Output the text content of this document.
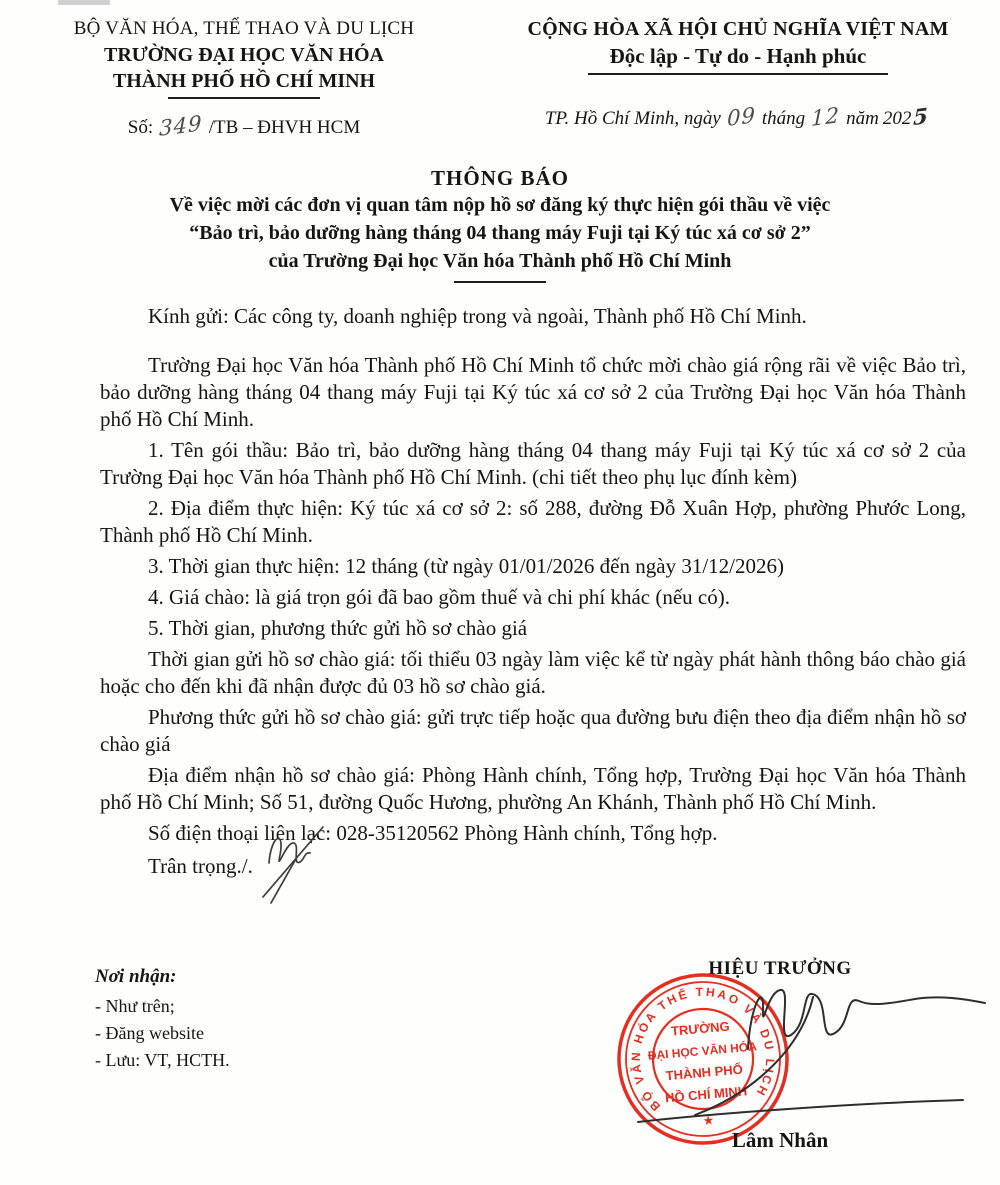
BỘ VĂN HÓA, THỂ THAO VÀ DU LỊCH
TRƯỜNG ĐẠI HỌC VĂN HÓA
THÀNH PHỐ HỒ CHÍ MINH
Số: 349 /TB – ĐHVH HCM
CỘNG HÒA XÃ HỘI CHỦ NGHĨA VIỆT NAM
Độc lập - Tự do - Hạnh phúc
TP. Hồ Chí Minh, ngày 09 tháng 12 năm 2025
THÔNG BÁO
Về việc mời các đơn vị quan tâm nộp hồ sơ đăng ký thực hiện gói thầu về việc
“Bảo trì, bảo dưỡng hàng tháng 04 thang máy Fuji tại Ký túc xá cơ sở 2”
của Trường Đại học Văn hóa Thành phố Hồ Chí Minh

Kính gửi: Các công ty, doanh nghiệp trong và ngoài, Thành phố Hồ Chí Minh.

Trường Đại học Văn hóa Thành phố Hồ Chí Minh tổ chức mời chào giá rộng rãi về việc Bảo trì, bảo dưỡng hàng tháng 04 thang máy Fuji tại Ký túc xá cơ sở 2 của Trường Đại học Văn hóa Thành phố Hồ Chí Minh.

1. Tên gói thầu: Bảo trì, bảo dưỡng hàng tháng 04 thang máy Fuji tại Ký túc xá cơ sở 2 của Trường Đại học Văn hóa Thành phố Hồ Chí Minh. (chi tiết theo phụ lục đính kèm)

2. Địa điểm thực hiện: Ký túc xá cơ sở 2: số 288, đường Đỗ Xuân Hợp, phường Phước Long, Thành phố Hồ Chí Minh.

3. Thời gian thực hiện: 12 tháng (từ ngày 01/01/2026 đến ngày 31/12/2026)

4. Giá chào: là giá trọn gói đã bao gồm thuế và chi phí khác (nếu có).

5. Thời gian, phương thức gửi hồ sơ chào giá

Thời gian gửi hồ sơ chào giá: tối thiểu 03 ngày làm việc kể từ ngày phát hành thông báo chào giá hoặc cho đến khi đã nhận được đủ 03 hồ sơ chào giá.

Phương thức gửi hồ sơ chào giá: gửi trực tiếp hoặc qua đường bưu điện theo địa điểm nhận hồ sơ chào giá

Địa điểm nhận hồ sơ chào giá: Phòng Hành chính, Tổng hợp, Trường Đại học Văn hóa Thành phố Hồ Chí Minh; Số 51, đường Quốc Hương, phường An Khánh, Thành phố Hồ Chí Minh.

Số điện thoại liên lạc: 028-35120562 Phòng Hành chính, Tổng hợp.

Trân trọng./.

Nơi nhận:
- Như trên;
- Đăng website
- Lưu: VT, HCTH.
HIỆU TRƯỞNG
BỘ VĂN HÓA THỂ THAO VÀ DU LỊCH
TRƯỜNG
ĐẠI HỌC VĂN HÓA
THÀNH PHỐ
HỒ CHÍ MINH
★
Lâm Nhân
